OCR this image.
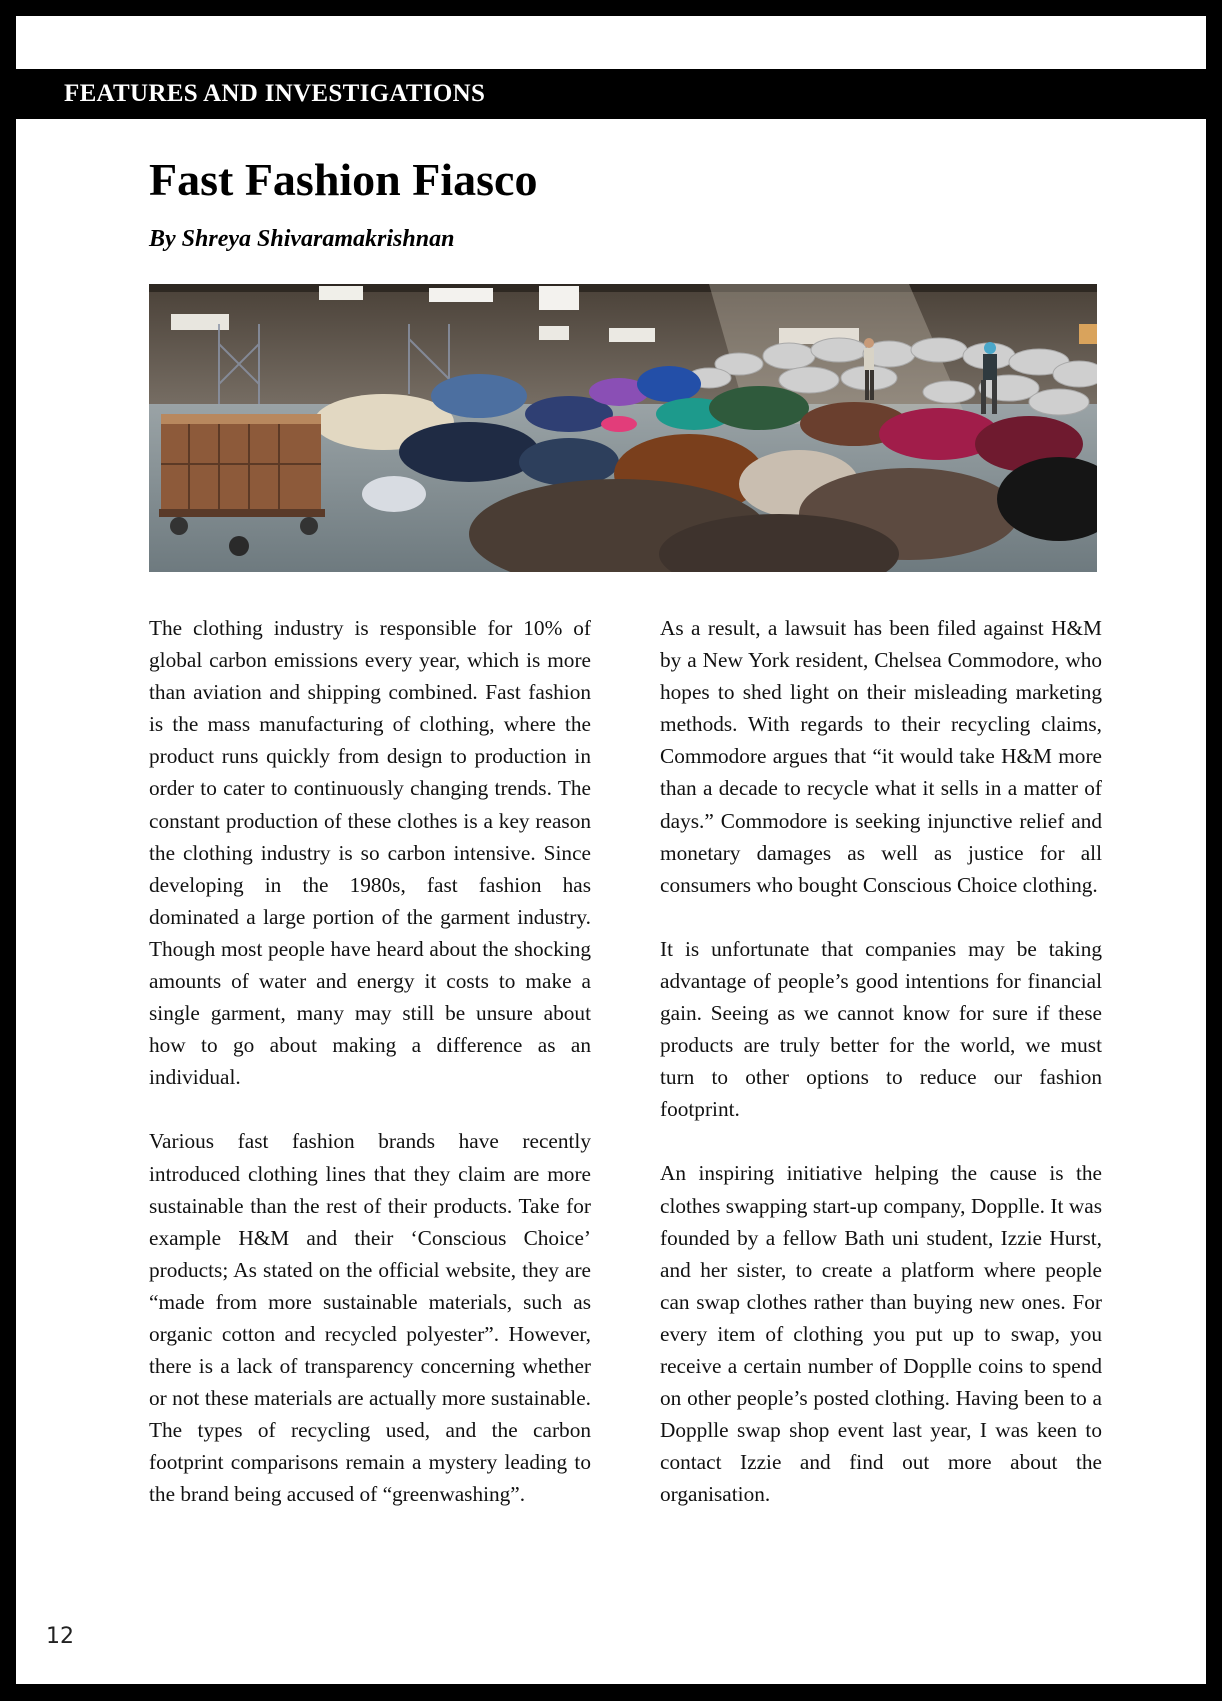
FEATURES AND INVESTIGATIONS
Fast Fashion Fiasco
By Shreya Shivaramakrishnan

The clothing industry is responsible for 10% of global carbon emissions every year, which is more than aviation and shipping combined. Fast fashion is the mass manufacturing of clothing, where the product runs quickly from design to production in order to cater to continuously changing trends. The constant production of these clothes is a key reason the clothing industry is so carbon intensive. Since developing in the 1980s, fast fashion has dominated a large portion of the garment industry. Though most people have heard about the shocking amounts of water and energy it costs to make a single garment, many may still be unsure about how to go about making a difference as an individual.

Various fast fashion brands have recently introduced clothing lines that they claim are more sustainable than the rest of their products. Take for example H&M and their ‘Conscious Choice’ products; As stated on the official website, they are “made from more sustainable materials, such as organic cotton and recycled polyester”. However, there is a lack of transparency concerning whether or not these materials are actually more sustainable. The types of recycling used, and the carbon footprint comparisons remain a mystery leading to the brand being accused of “greenwashing”.

As a result, a lawsuit has been filed against H&M by a New York resident, Chelsea Commodore, who hopes to shed light on their misleading marketing methods. With regards to their recycling claims, Commodore argues that “it would take H&M more than a decade to recycle what it sells in a matter of days.” Commodore is seeking injunctive relief and monetary damages as well as justice for all consumers who bought Conscious Choice clothing.

It is unfortunate that companies may be taking advantage of people’s good intentions for financial gain. Seeing as we cannot know for sure if these products are truly better for the world, we must turn to other options to reduce our fashion footprint.

An inspiring initiative helping the cause is the clothes swapping start-up company, Dopplle. It was founded by a fellow Bath uni student, Izzie Hurst, and her sister, to create a platform where people can swap clothes rather than buying new ones. For every item of clothing you put up to swap, you receive a certain number of Dopplle coins to spend on other people’s posted clothing. Having been to a Dopplle swap shop event last year, I was keen to contact Izzie and find out more about the organisation.

12
